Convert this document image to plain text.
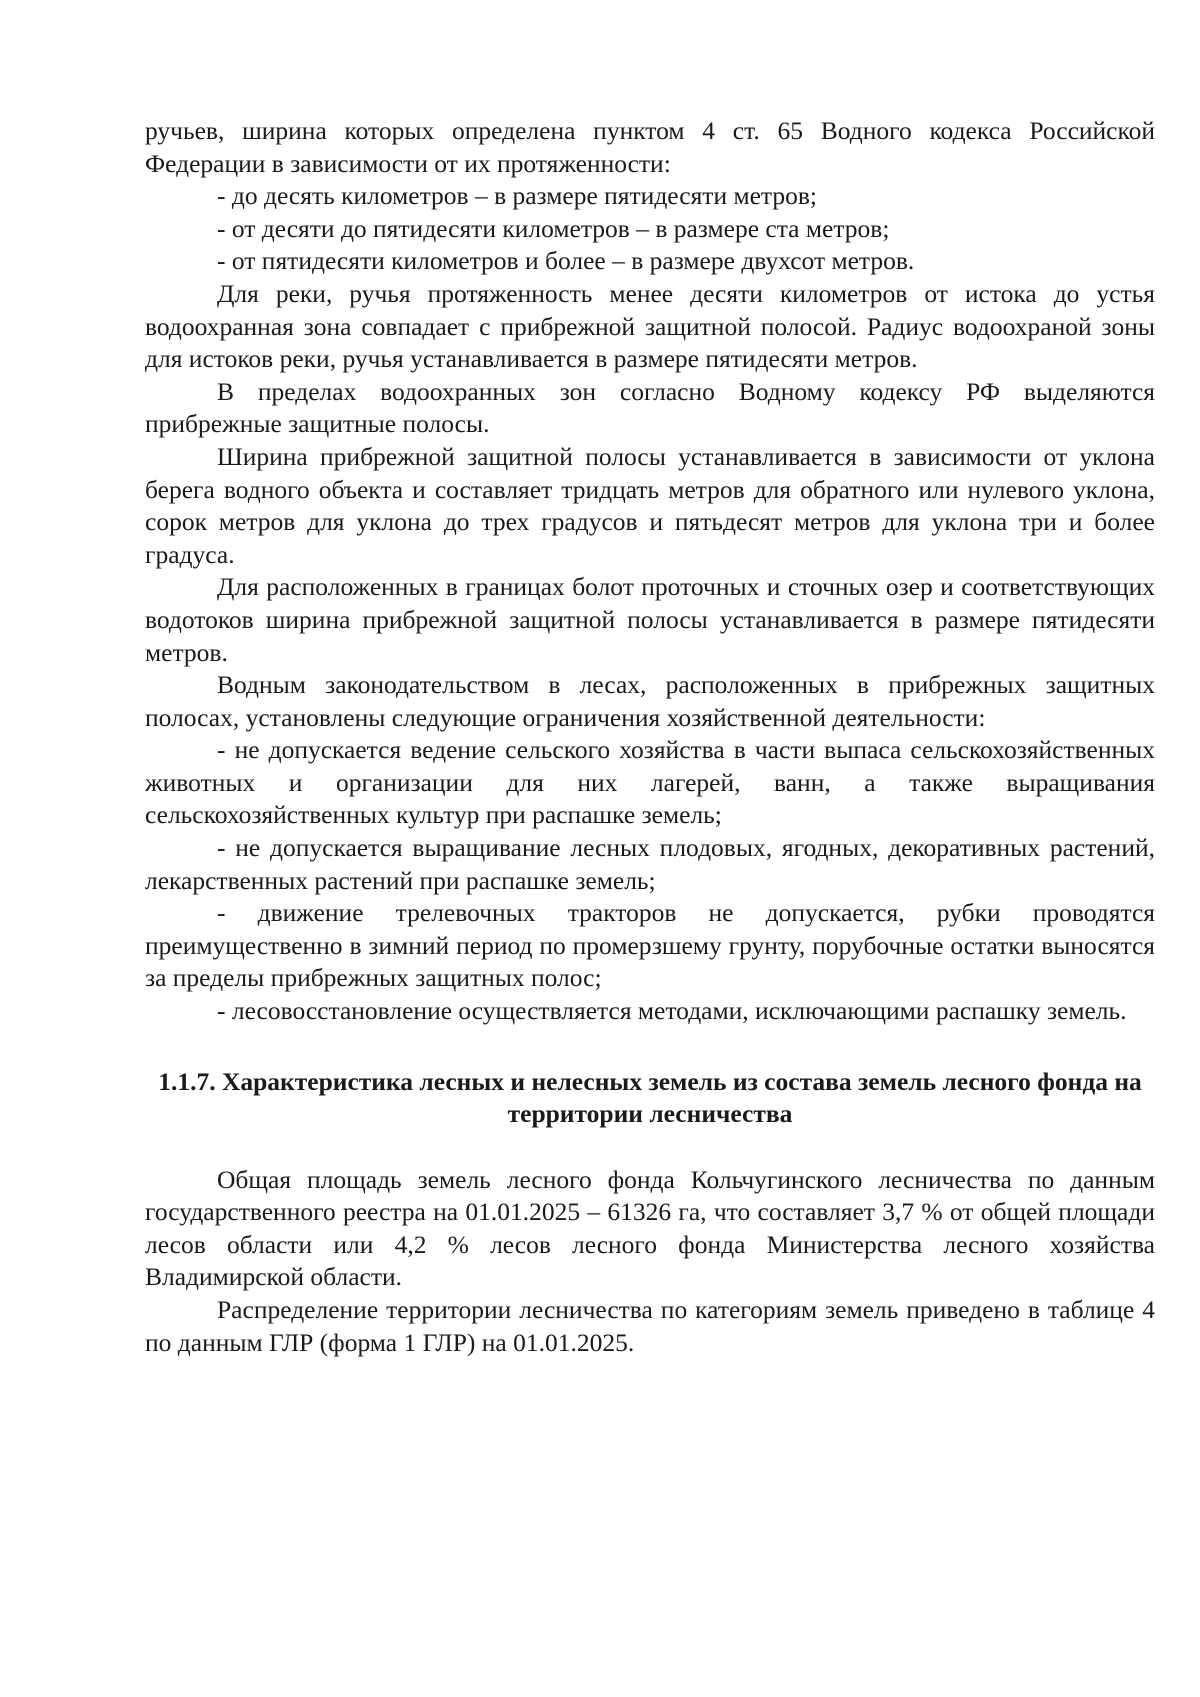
ручьев, ширина которых определена пунктом 4 ст. 65 Водного кодекса Российской Федерации в зависимости от их протяженности:

- до десять километров – в размере пятидесяти метров;

- от десяти до пятидесяти километров – в размере ста метров;

- от пятидесяти километров и более – в размере двухсот метров.

Для реки, ручья протяженность менее десяти километров от истока до устья водоохранная зона совпадает с прибрежной защитной полосой. Радиус водоохраной зоны для истоков реки, ручья устанавливается в размере пятидесяти метров.

В пределах водоохранных зон согласно Водному кодексу РФ выделяются прибрежные защитные полосы.

Ширина прибрежной защитной полосы устанавливается в зависимости от уклона берега водного объекта и составляет тридцать метров для обратного или нулевого уклона, сорок метров для уклона до трех градусов и пятьдесят метров для уклона три и более градуса.

Для расположенных в границах болот проточных и сточных озер и соответствующих водотоков ширина прибрежной защитной полосы устанавливается в размере пятидесяти метров.

Водным законодательством в лесах, расположенных в прибрежных защитных полосах, установлены следующие ограничения хозяйственной деятельности:

- не допускается ведение сельского хозяйства в части выпаса сельскохозяйственных животных и организации для них лагерей, ванн, а также выращивания сельскохозяйственных культур при распашке земель;

- не допускается выращивание лесных плодовых, ягодных, декоративных растений, лекарственных растений при распашке земель;

- движение трелевочных тракторов не допускается, рубки проводятся преимущественно в зимний период по промерзшему грунту, порубочные остатки выносятся за пределы прибрежных защитных полос;

- лесовосстановление осуществляется методами, исключающими распашку земель.

1.1.7. Характеристика лесных и нелесных земель из состава земель лесного фонда на территории лесничества

Общая площадь земель лесного фонда Кольчугинского лесничества по данным государственного реестра на 01.01.2025 – 61326 га, что составляет 3,7 % от общей площади лесов области или 4,2 % лесов лесного фонда Министерства лесного хозяйства Владимирской области.

Распределение территории лесничества по категориям земель приведено в таблице 4 по данным ГЛР (форма 1 ГЛР) на 01.01.2025.
